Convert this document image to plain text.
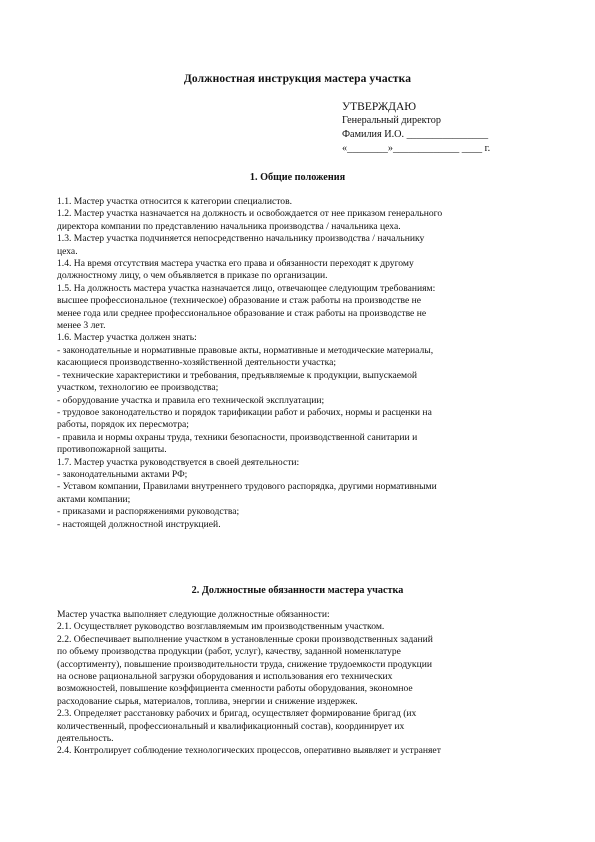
Должностная инструкция мастера участка
УТВЕРЖДАЮ
Генеральный директор
Фамилия И.О. ________________
«________»_____________ ____ г.
1. Общие положения

1.1. Мастер участка относится к категории специалистов.

1.2. Мастер участка назначается на должность и освобождается от нее приказом генерального

директора компании по представлению начальника производства / начальника цеха.

1.3. Мастер участка подчиняется непосредственно начальнику производства / начальнику

цеха.

1.4. На время отсутствия мастера участка его права и обязанности переходят к другому

должностному лицу, о чем объявляется в приказе по организации.

1.5. На должность мастера участка назначается лицо, отвечающее следующим требованиям:

высшее профессиональное (техническое) образование и стаж работы на производстве не

менее года или среднее профессиональное образование и стаж работы на производстве не

менее 3 лет.

1.6. Мастер участка должен знать:

- законодательные и нормативные правовые акты, нормативные и методические материалы,

касающиеся производственно-хозяйственной деятельности участка;

- технические характеристики и требования, предъявляемые к продукции, выпускаемой

участком, технологию ее производства;

- оборудование участка и правила его технической эксплуатации;

- трудовое законодательство и порядок тарификации работ и рабочих, нормы и расценки на

работы, порядок их пересмотра;

- правила и нормы охраны труда, техники безопасности, производственной санитарии и

противопожарной защиты.

1.7. Мастер участка руководствуется в своей деятельности:

- законодательными актами РФ;

- Уставом компании, Правилами внутреннего трудового распорядка, другими нормативными

актами компании;

- приказами и распоряжениями руководства;

- настоящей должностной инструкцией.

2. Должностные обязанности мастера участка

Мастер участка выполняет следующие должностные обязанности:

2.1. Осуществляет руководство возглавляемым им производственным участком.

2.2. Обеспечивает выполнение участком в установленные сроки производственных заданий

по объему производства продукции (работ, услуг), качеству, заданной номенклатуре

(ассортименту), повышение производительности труда, снижение трудоемкости продукции

на основе рациональной загрузки оборудования и использования его технических

возможностей, повышение коэффициента сменности работы оборудования, экономное

расходование сырья, материалов, топлива, энергии и снижение издержек.

2.3. Определяет расстановку рабочих и бригад, осуществляет формирование бригад (их

количественный, профессиональный и квалификационный состав), координирует их

деятельность.

2.4. Контролирует соблюдение технологических процессов, оперативно выявляет и устраняет
